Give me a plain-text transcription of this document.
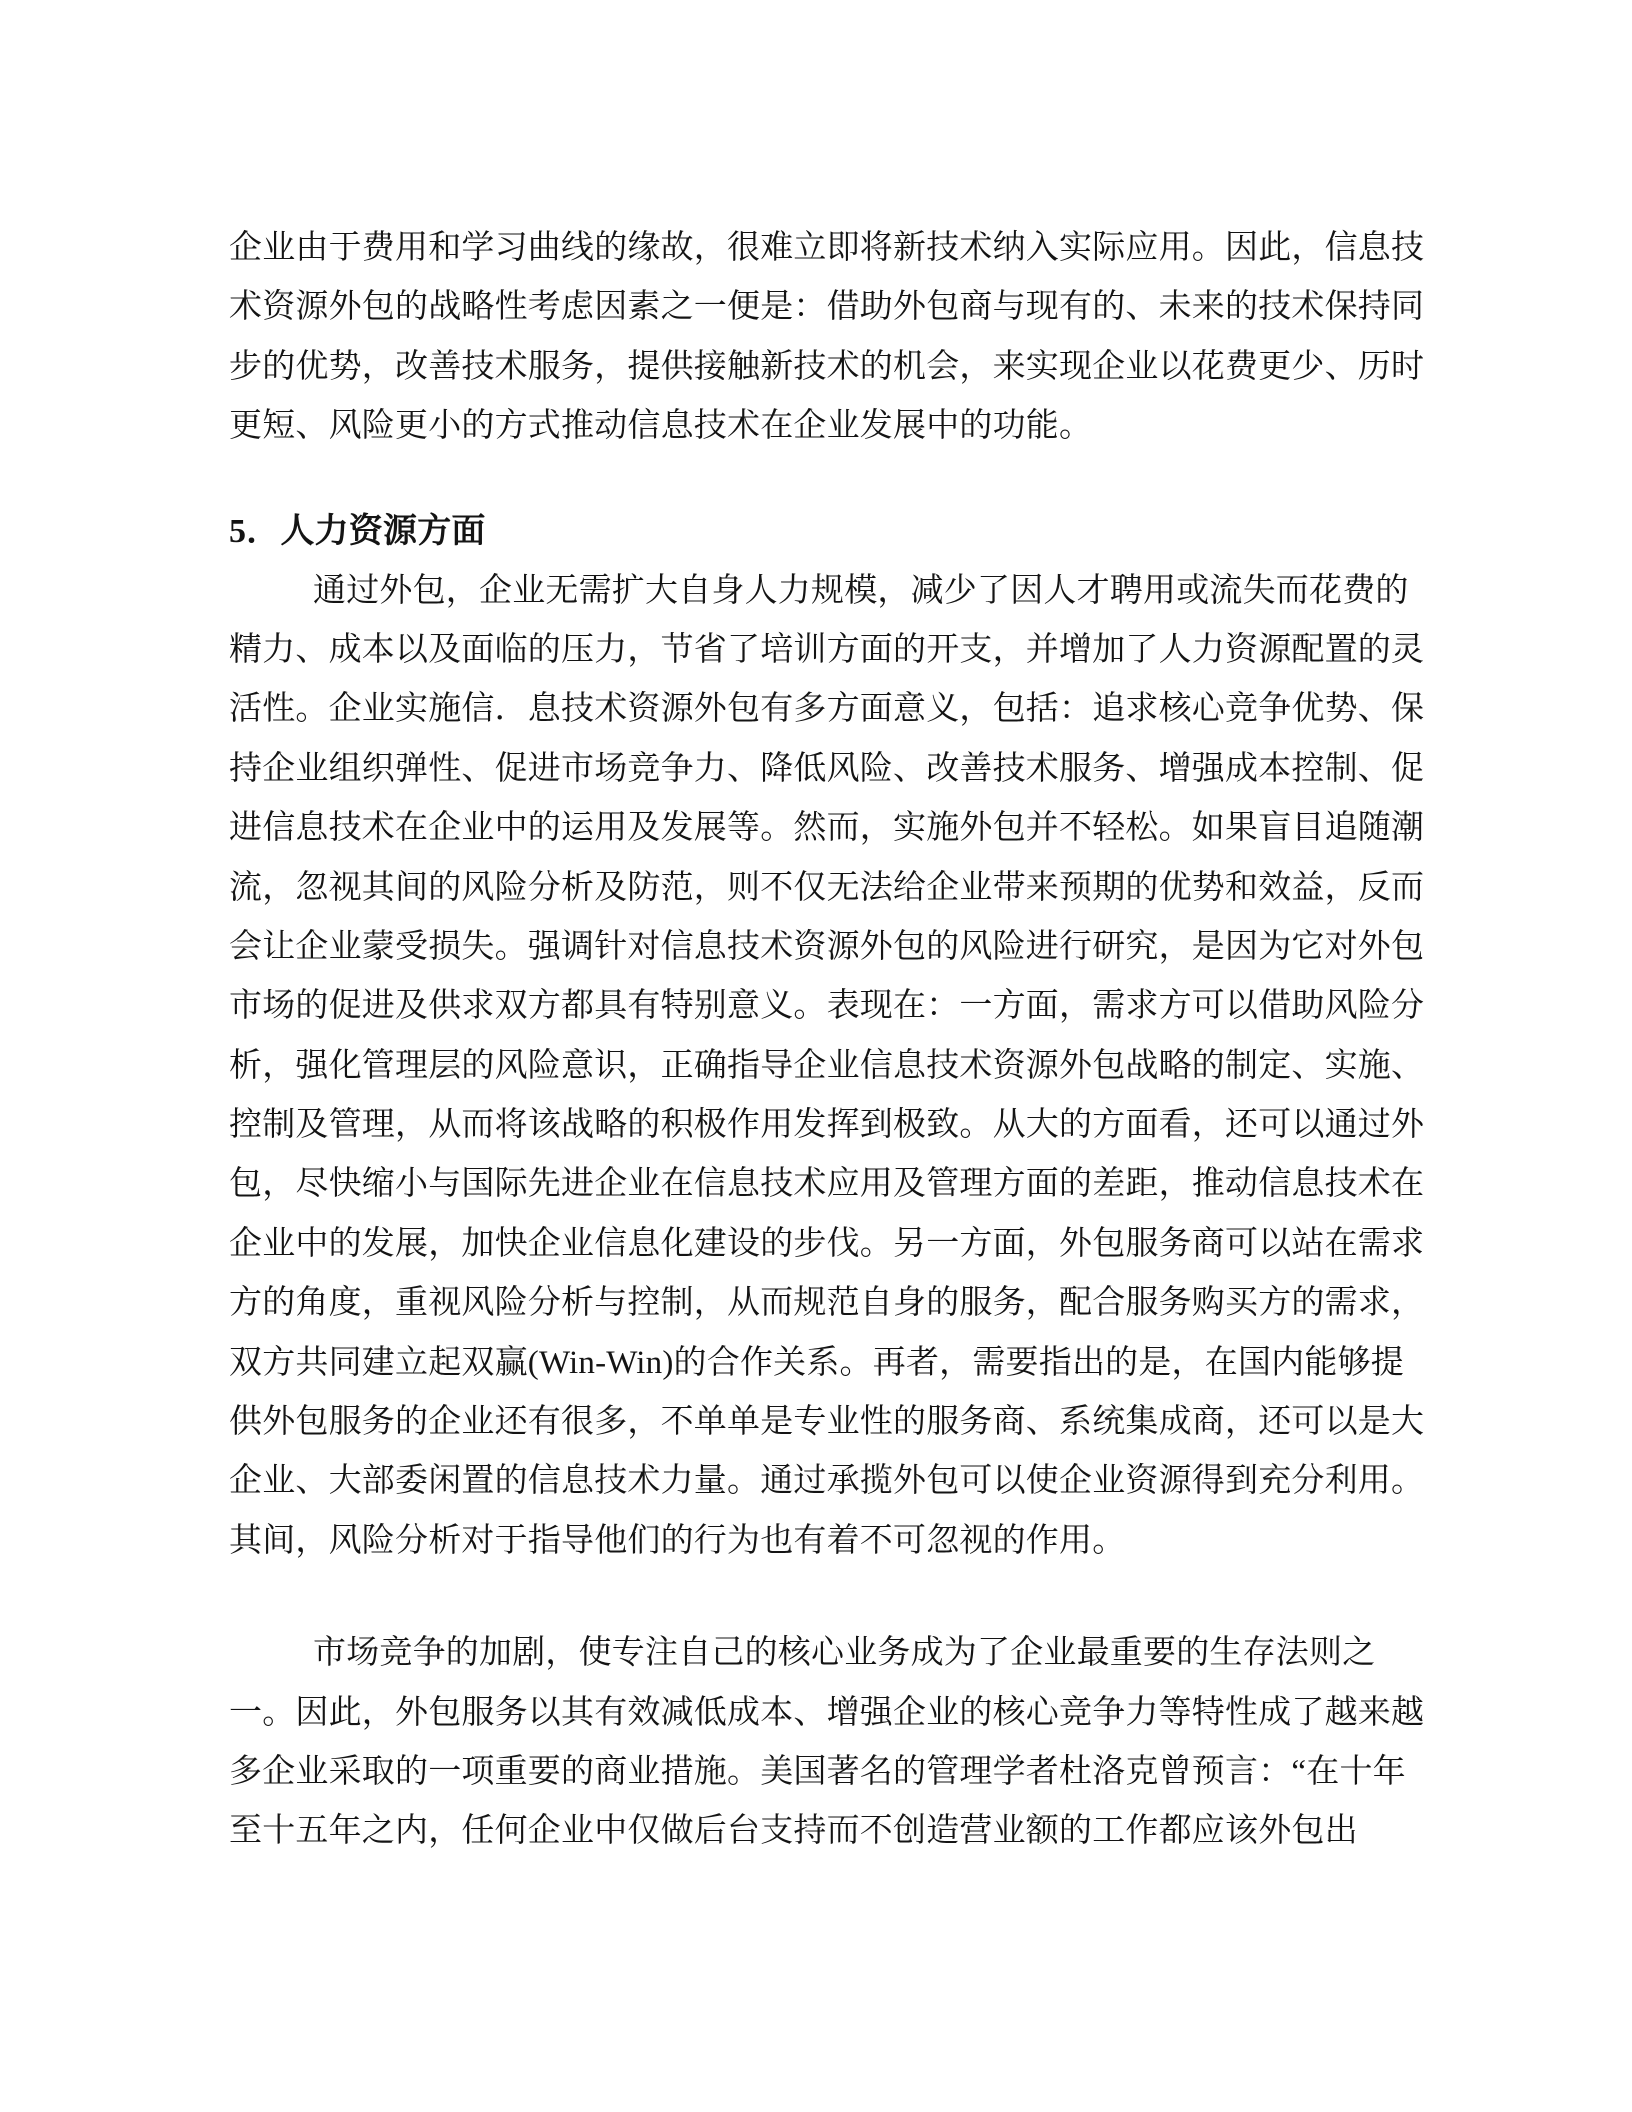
企业由于费用和学习曲线的缘故，很难立即将新技术纳入实际应用。因此，信息技
术资源外包的战略性考虑因素之一便是：借助外包商与现有的、未来的技术保持同
步的优势，改善技术服务，提供接触新技术的机会，来实现企业以花费更少、历时
更短、风险更小的方式推动信息技术在企业发展中的功能。
5．人力资源方面
通过外包，企业无需扩大自身人力规模，减少了因人才聘用或流失而花费的
精力、成本以及面临的压力，节省了培训方面的开支，并增加了人力资源配置的灵
活性。企业实施信．息技术资源外包有多方面意义，包括：追求核心竞争优势、保
持企业组织弹性、促进市场竞争力、降低风险、改善技术服务、增强成本控制、促
进信息技术在企业中的运用及发展等。然而，实施外包并不轻松。如果盲目追随潮
流，忽视其间的风险分析及防范，则不仅无法给企业带来预期的优势和效益，反而
会让企业蒙受损失。强调针对信息技术资源外包的风险进行研究，是因为它对外包
市场的促进及供求双方都具有特别意义。表现在：一方面，需求方可以借助风险分
析，强化管理层的风险意识，正确指导企业信息技术资源外包战略的制定、实施、
控制及管理，从而将该战略的积极作用发挥到极致。从大的方面看，还可以通过外
包，尽快缩小与国际先进企业在信息技术应用及管理方面的差距，推动信息技术在
企业中的发展，加快企业信息化建设的步伐。另一方面，外包服务商可以站在需求
方的角度，重视风险分析与控制，从而规范自身的服务，配合服务购买方的需求，
双方共同建立起双赢(Win-Win)的合作关系。再者，需要指出的是，在国内能够提
供外包服务的企业还有很多，不单单是专业性的服务商、系统集成商，还可以是大
企业、大部委闲置的信息技术力量。通过承揽外包可以使企业资源得到充分利用。
其间，风险分析对于指导他们的行为也有着不可忽视的作用。
市场竞争的加剧，使专注自己的核心业务成为了企业最重要的生存法则之
一。因此，外包服务以其有效减低成本、增强企业的核心竞争力等特性成了越来越
多企业采取的一项重要的商业措施。美国著名的管理学者杜洛克曾预言：“在十年
至十五年之内，任何企业中仅做后台支持而不创造营业额的工作都应该外包出
